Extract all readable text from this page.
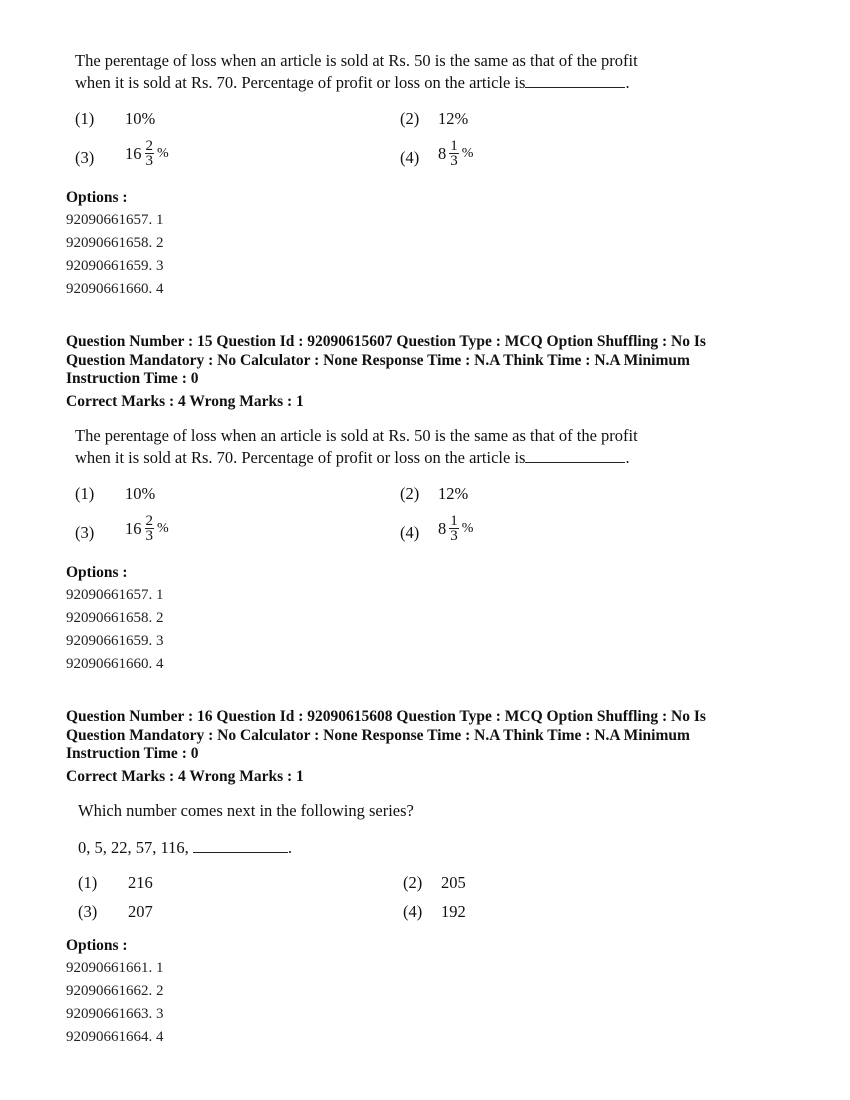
The perentage of loss when an article is sold at Rs. 50 is the same as that of the profit
when it is sold at Rs. 70. Percentage of profit or loss on the article is	.
(1) 10%	(2) 12%
(3) $16 \frac{2}{3}$ %	(4) $8 \frac{1}{3}$ %
Options :
92090661657. 1
92090661658. 2
92090661659. 3
92090661660. 4
Question Number : 15 Question Id : 92090615607 Question Type : MCQ Option Shuffling : No Is
Question Mandatory : No Calculator : None Response Time : N.A Think Time : N.A Minimum
Instruction Time : 0
Correct Marks : 4 Wrong Marks : 1
The perentage of loss when an article is sold at Rs. 50 is the same as that of the profit
when it is sold at Rs. 70. Percentage of profit or loss on the article is	.
(1) 10%	(2) 12%
(3) $16 \frac{2}{3}$ %	(4) $8 \frac{1}{3}$ %
Options :
92090661657. 1
92090661658. 2
92090661659. 3
92090661660. 4
Question Number : 16 Question Id : 92090615608 Question Type : MCQ Option Shuffling : No Is
Question Mandatory : No Calculator : None Response Time : N.A Think Time : N.A Minimum
Instruction Time : 0
Correct Marks : 4 Wrong Marks : 1
Which number comes next in the following series?
0, 5, 22, 57, 116,	.
(1) 216	(2) 205
(3) 207	(4) 192
Options :
92090661661. 1
92090661662. 2
92090661663. 3
92090661664. 4
